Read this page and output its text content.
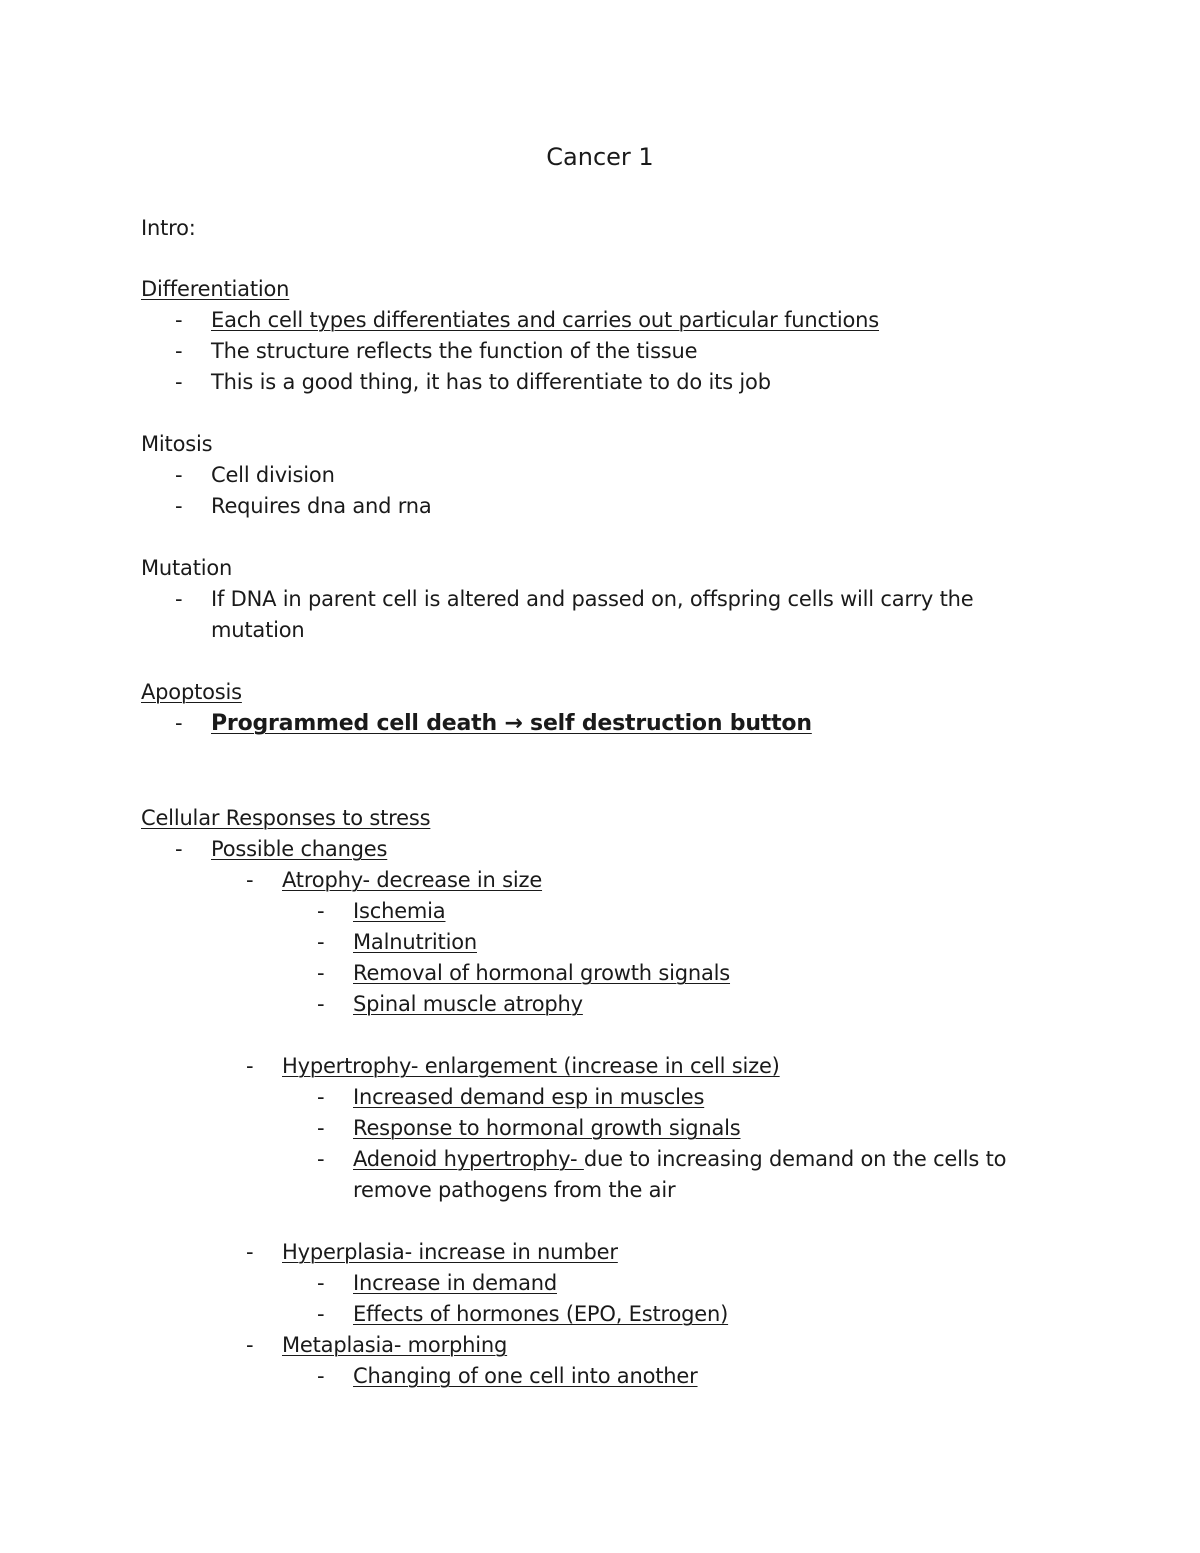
Cancer 1
Intro:
Differentiation
- Each cell types differentiates and carries out particular functions
- The structure reflects the function of the tissue
- This is a good thing, it has to differentiate to do its job
Mitosis
- Cell division
- Requires dna and rna
Mutation
- If DNA in parent cell is altered and passed on, offspring cells will carry the
mutation
Apoptosis
- Programmed cell death → self destruction button
Cellular Responses to stress
- Possible changes
- Atrophy- decrease in size
- Ischemia
- Malnutrition
- Removal of hormonal growth signals
- Spinal muscle atrophy
- Hypertrophy- enlargement (increase in cell size)
- Increased demand esp in muscles
- Response to hormonal growth signals
- Adenoid hypertrophy- due to increasing demand on the cells to
remove pathogens from the air
- Hyperplasia- increase in number
- Increase in demand
- Effects of hormones (EPO, Estrogen)
- Metaplasia- morphing
- Changing of one cell into another
